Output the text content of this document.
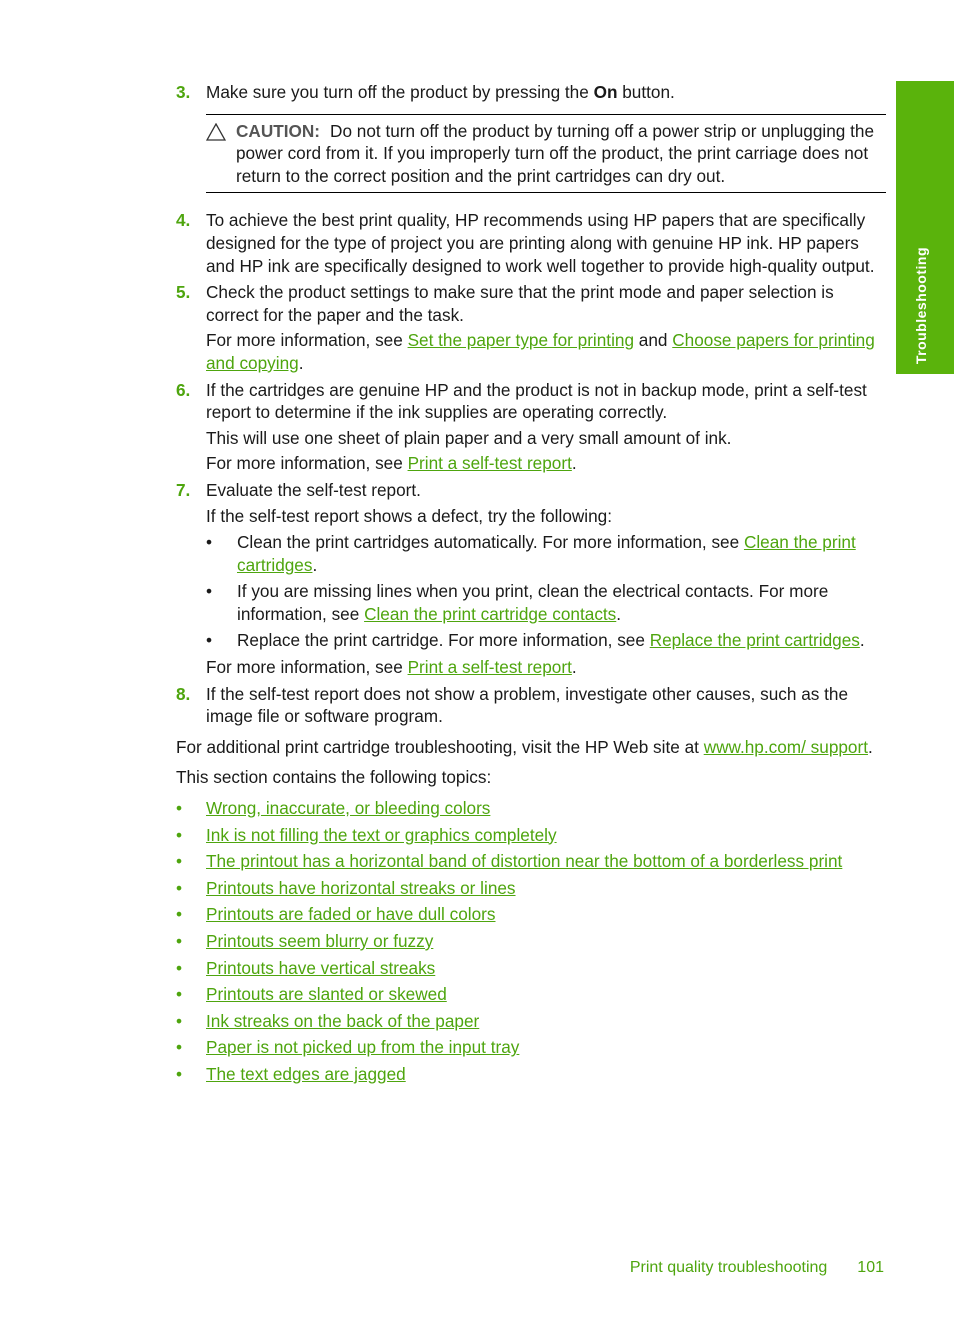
Troubleshooting
3. Make sure you turn off the product by pressing the On button.

CAUTION: Do not turn off the product by turning off a power strip or unplugging the power cord from it. If you improperly turn off the product, the print carriage does not return to the correct position and the print cartridges can dry out.
4. To achieve the best print quality, HP recommends using HP papers that are specifically designed for the type of project you are printing along with genuine HP ink. HP papers and HP ink are specifically designed to work well together to provide high-quality output.

5. Check the product settings to make sure that the print mode and paper selection is correct for the paper and the task.

For more information, see Set the paper type for printing and Choose papers for printing and copying.

6. If the cartridges are genuine HP and the product is not in backup mode, print a self-test report to determine if the ink supplies are operating correctly.

This will use one sheet of plain paper and a very small amount of ink.

For more information, see Print a self-test report.

7. Evaluate the self-test report.

If the self-test report shows a defect, try the following:

• Clean the print cartridges automatically. For more information, see Clean the print cartridges.
• If you are missing lines when you print, clean the electrical contacts. For more information, see Clean the print cartridge contacts.
• Replace the print cartridge. For more information, see Replace the print cartridges.

For more information, see Print a self-test report.

8. If the self-test report does not show a problem, investigate other causes, such as the image file or software program.

For additional print cartridge troubleshooting, visit the HP Web site at www.hp.com/ support.

This section contains the following topics:

• Wrong, inaccurate, or bleeding colors
• Ink is not filling the text or graphics completely
• The printout has a horizontal band of distortion near the bottom of a borderless print
• Printouts have horizontal streaks or lines
• Printouts are faded or have dull colors
• Printouts seem blurry or fuzzy
• Printouts have vertical streaks
• Printouts are slanted or skewed
• Ink streaks on the back of the paper
• Paper is not picked up from the input tray
• The text edges are jagged
Print quality troubleshooting 101
